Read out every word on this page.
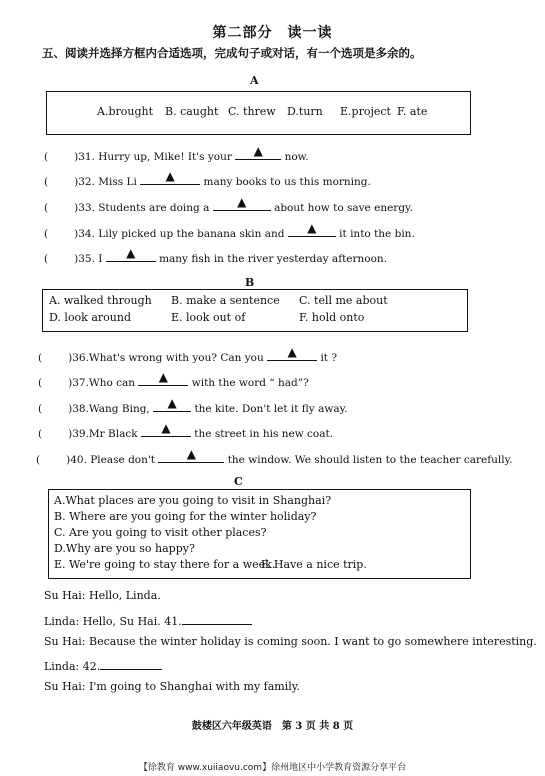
第二部分　读一读
五、阅读并选择方框内合适选项，完成句子或对话，有一个选项是多余的。
A
A.brought B. caught C. threw D.turn E.project F. ate
( )31. Hurry up, Mike! It's your ▲ now.
( )32. Miss Li ▲	many books to us this morning.
( )33. Students are doing a ▲	about how to save energy.
( )34. Lily picked up the banana skin and ▲ it into the bin.
( )35. I ▲ many fish in the river yesterday afternoon.
B
A. walked through B. make a sentence C. tell me about
D. look around	E. look out of	F. hold onto
( )36.What's wrong with you? Can you ▲ it ?
( )37.Who can ▲ with the word “ had”?
( )38.Wang Bing, ▲ the kite. Don't let it fly away.
( )39.Mr Black ▲ the street in his new coat.
( )40. Please don't	▲	the window. We should listen to the teacher carefully.
C
A.What places are you going to visit in Shanghai?
B. Where are you going for the winter holiday?
C. Are you going to visit other places?
D.Why are you so happy?
E. We're going to stay there for a week.
F. Have a nice trip.
Su Hai: Hello, Linda.
Linda: Hello, Su Hai. 41.
Su Hai: Because the winter holiday is coming soon. I want to go somewhere interesting.
Linda: 42.
Su Hai: I'm going to Shanghai with my family.
鼓楼区六年级英语　第 3 页 共 8 页
【徐教育 www.xuiiaovu.com】徐州地区中小学教育资源分享平台
